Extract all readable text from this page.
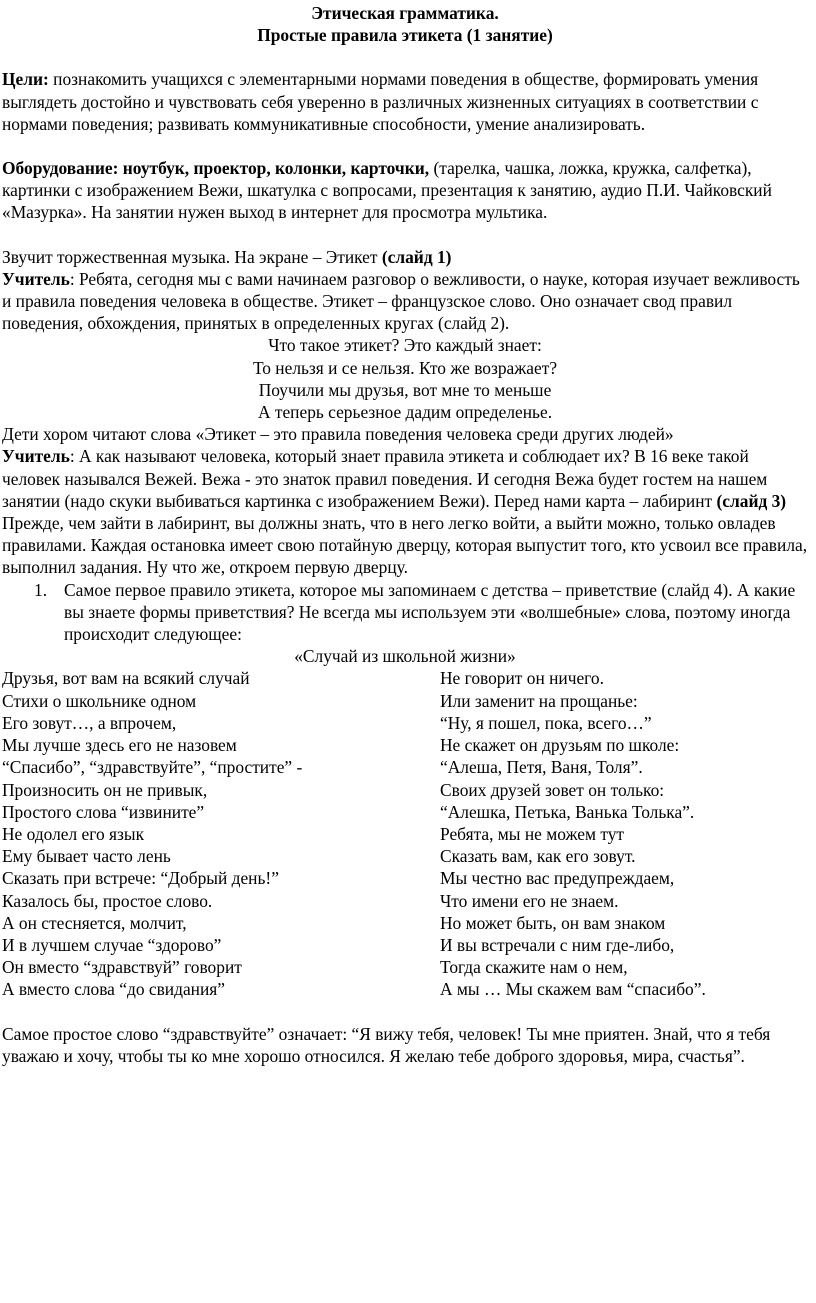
Этическая грамматика.
Простые правила этикета (1 занятие)

Цели: познакомить учащихся с элементарными нормами поведения в обществе, формировать умения выглядеть достойно и чувствовать себя уверенно в различных жизненных ситуациях в соответствии с нормами поведения; развивать коммуникативные способности, умение анализировать.

Оборудование: ноутбук, проектор, колонки, карточки, (тарелка, чашка, ложка, кружка, салфетка), картинки с изображением Вежи, шкатулка с вопросами, презентация к занятию, аудио П.И. Чайковский «Мазурка». На занятии нужен выход в интернет для просмотра мультика.

Звучит торжественная музыка. На экране – Этикет (слайд 1)

Учитель: Ребята, сегодня мы с вами начинаем разговор о вежливости, о науке, которая изучает вежливость и правила поведения человека в обществе. Этикет – французское слово. Оно означает свод правил поведения, обхождения, принятых в определенных кругах (слайд 2).

Что такое этикет? Это каждый знает:
То нельзя и се нельзя. Кто же возражает?
Поучили мы друзья, вот мне то меньше
А теперь серьезное дадим определенье.

Дети хором читают слова «Этикет – это правила поведения человека среди других людей»

Учитель: А как называют человека, который знает правила этикета и соблюдает их? В 16 веке такой человек назывался Вежей. Вежа - это знаток правил поведения. И сегодня Вежа будет гостем на нашем занятии (надо скуки выбиваться картинка с изображением Вежи). Перед нами карта – лабиринт (слайд 3) Прежде, чем зайти в лабиринт, вы должны знать, что в него легко войти, а выйти можно, только овладев правилами. Каждая остановка имеет свою потайную дверцу, которая выпустит того, кто усвоил все правила, выполнил задания. Ну что же, откроем первую дверцу.

1. Самое первое правило этикета, которое мы запоминаем с детства – приветствие (слайд 4). А какие вы знаете формы приветствия? Не всегда мы используем эти «волшебные» слова, поэтому иногда происходит следующее:
«Случай из школьной жизни»
Друзья, вот вам на всякий случай
Стихи о школьнике одном
Его зовут…, а впрочем,
Мы лучше здесь его не назовем
“Спасибо”, “здравствуйте”, “простите” -
Произносить он не привык,
Простого слова “извините”
Не одолел его язык
Ему бывает часто лень
Сказать при встрече: “Добрый день!”
Казалось бы, простое слово.
А он стесняется, молчит,
И в лучшем случае “здорово”
Он вместо “здравствуй” говорит
А вместо слова “до свидания”
Не говорит он ничего.
Или заменит на прощанье:
“Ну, я пошел, пока, всего…”
Не скажет он друзьям по школе:
“Алеша, Петя, Ваня, Толя”.
Своих друзей зовет он только:
“Алешка, Петька, Ванька Толька”.
Ребята, мы не можем тут
Сказать вам, как его зовут.
Мы честно вас предупреждаем,
Что имени его не знаем.
Но может быть, он вам знаком
И вы встречали с ним где-либо,
Тогда скажите нам о нем,
А мы … Мы скажем вам “спасибо”.

Самое простое слово “здравствуйте” означает: “Я вижу тебя, человек! Ты мне приятен. Знай, что я тебя уважаю и хочу, чтобы ты ко мне хорошо относился. Я желаю тебе доброго здоровья, мира, счастья”.
